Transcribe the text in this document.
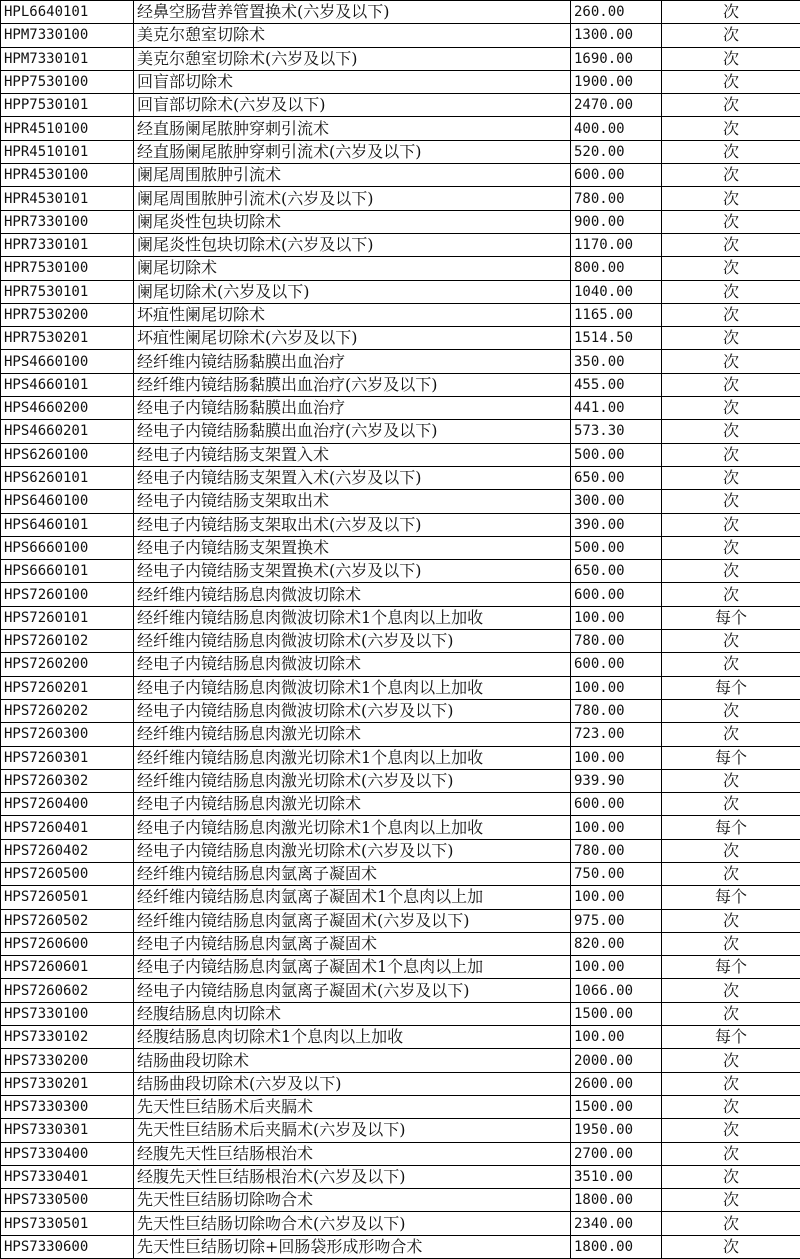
HPL6640101	经鼻空肠营养管置换术(六岁及以下)	260.00	次
HPM7330100	美克尔憩室切除术	1300.00	次
HPM7330101	美克尔憩室切除术(六岁及以下)	1690.00	次
HPP7530100	回盲部切除术	1900.00	次
HPP7530101	回盲部切除术(六岁及以下)	2470.00	次
HPR4510100	经直肠阑尾脓肿穿刺引流术	400.00	次
HPR4510101	经直肠阑尾脓肿穿刺引流术(六岁及以下)	520.00	次
HPR4530100	阑尾周围脓肿引流术	600.00	次
HPR4530101	阑尾周围脓肿引流术(六岁及以下)	780.00	次
HPR7330100	阑尾炎性包块切除术	900.00	次
HPR7330101	阑尾炎性包块切除术(六岁及以下)	1170.00	次
HPR7530100	阑尾切除术	800.00	次
HPR7530101	阑尾切除术(六岁及以下)	1040.00	次
HPR7530200	坏疽性阑尾切除术	1165.00	次
HPR7530201	坏疽性阑尾切除术(六岁及以下)	1514.50	次
HPS4660100	经纤维内镜结肠黏膜出血治疗	350.00	次
HPS4660101	经纤维内镜结肠黏膜出血治疗(六岁及以下)	455.00	次
HPS4660200	经电子内镜结肠黏膜出血治疗	441.00	次
HPS4660201	经电子内镜结肠黏膜出血治疗(六岁及以下)	573.30	次
HPS6260100	经电子内镜结肠支架置入术	500.00	次
HPS6260101	经电子内镜结肠支架置入术(六岁及以下)	650.00	次
HPS6460100	经电子内镜结肠支架取出术	300.00	次
HPS6460101	经电子内镜结肠支架取出术(六岁及以下)	390.00	次
HPS6660100	经电子内镜结肠支架置换术	500.00	次
HPS6660101	经电子内镜结肠支架置换术(六岁及以下)	650.00	次
HPS7260100	经纤维内镜结肠息肉微波切除术	600.00	次
HPS7260101	经纤维内镜结肠息肉微波切除术1个息肉以上加收	100.00	每个
HPS7260102	经纤维内镜结肠息肉微波切除术(六岁及以下)	780.00	次
HPS7260200	经电子内镜结肠息肉微波切除术	600.00	次
HPS7260201	经电子内镜结肠息肉微波切除术1个息肉以上加收	100.00	每个
HPS7260202	经电子内镜结肠息肉微波切除术(六岁及以下)	780.00	次
HPS7260300	经纤维内镜结肠息肉激光切除术	723.00	次
HPS7260301	经纤维内镜结肠息肉激光切除术1个息肉以上加收	100.00	每个
HPS7260302	经纤维内镜结肠息肉激光切除术(六岁及以下)	939.90	次
HPS7260400	经电子内镜结肠息肉激光切除术	600.00	次
HPS7260401	经电子内镜结肠息肉激光切除术1个息肉以上加收	100.00	每个
HPS7260402	经电子内镜结肠息肉激光切除术(六岁及以下)	780.00	次
HPS7260500	经纤维内镜结肠息肉氩离子凝固术	750.00	次
HPS7260501	经纤维内镜结肠息肉氩离子凝固术1个息肉以上加	100.00	每个
HPS7260502	经纤维内镜结肠息肉氩离子凝固术(六岁及以下)	975.00	次
HPS7260600	经电子内镜结肠息肉氩离子凝固术	820.00	次
HPS7260601	经电子内镜结肠息肉氩离子凝固术1个息肉以上加	100.00	每个
HPS7260602	经电子内镜结肠息肉氩离子凝固术(六岁及以下)	1066.00	次
HPS7330100	经腹结肠息肉切除术	1500.00	次
HPS7330102	经腹结肠息肉切除术1个息肉以上加收	100.00	每个
HPS7330200	结肠曲段切除术	2000.00	次
HPS7330201	结肠曲段切除术(六岁及以下)	2600.00	次
HPS7330300	先天性巨结肠术后夹膈术	1500.00	次
HPS7330301	先天性巨结肠术后夹膈术(六岁及以下)	1950.00	次
HPS7330400	经腹先天性巨结肠根治术	2700.00	次
HPS7330401	经腹先天性巨结肠根治术(六岁及以下)	3510.00	次
HPS7330500	先天性巨结肠切除吻合术	1800.00	次
HPS7330501	先天性巨结肠切除吻合术(六岁及以下)	2340.00	次
HPS7330600	先天性巨结肠切除+回肠袋形成形吻合术	1800.00	次
